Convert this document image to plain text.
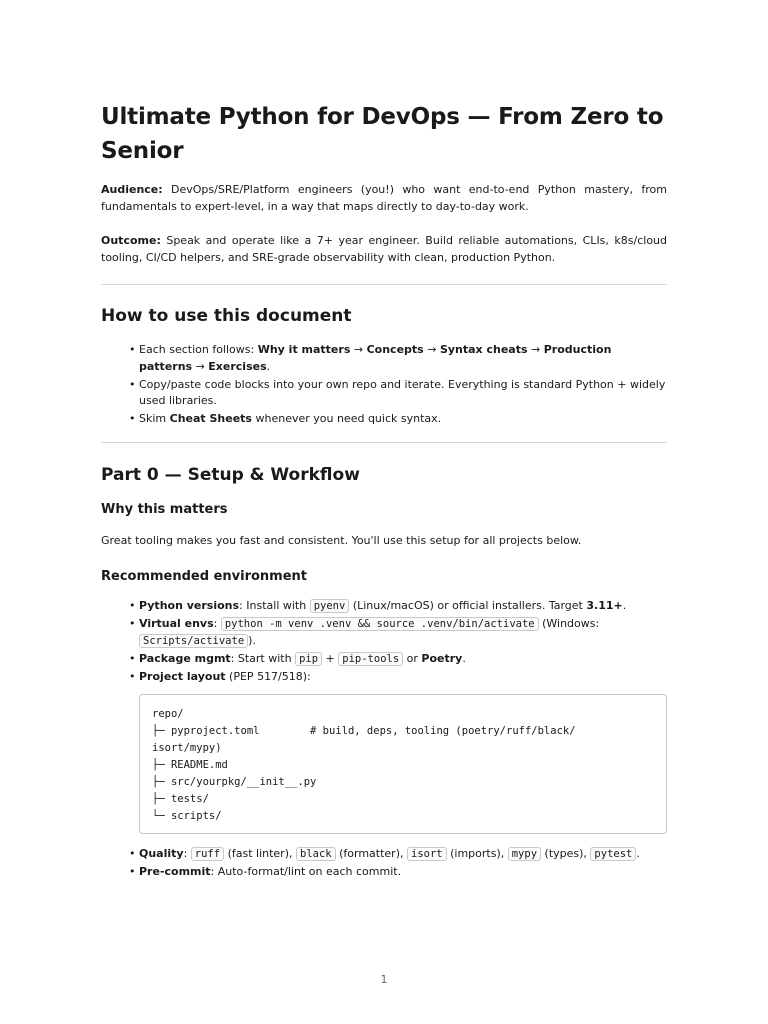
Ultimate Python for DevOps — From Zero to Senior

Audience: DevOps/SRE/Platform engineers (you!) who want end-to-end Python mastery, from fundamentals to expert-level, in a way that maps directly to day-to-day work.

Outcome: Speak and operate like a 7+ year engineer. Build reliable automations, CLIs, k8s/cloud tooling, CI/CD helpers, and SRE-grade observability with clean, production Python.

How to use this document
• Each section follows: Why it matters → Concepts → Syntax cheats → Production patterns → Exercises.
• Copy/paste code blocks into your own repo and iterate. Everything is standard Python + widely used libraries.
• Skim Cheat Sheets whenever you need quick syntax.
Part 0 — Setup & Workflow
Why this matters

Great tooling makes you fast and consistent. You'll use this setup for all projects below.

Recommended environment
• Python versions: Install with pyenv (Linux/macOS) or official installers. Target 3.11+.
• Virtual envs: python -m venv .venv && source .venv/bin/activate (Windows: Scripts/activate ).
• Package mgmt: Start with pip + pip-tools or Poetry.
• Project layout (PEP 517/518):
repo/
├─ pyproject.toml        # build, deps, tooling (poetry/ruff/black/
isort/mypy)
├─ README.md
├─ src/yourpkg/__init__.py
├─ tests/
└─ scripts/
• Quality: ruff (fast linter), black (formatter), isort (imports), mypy (types), pytest .
• Pre-commit: Auto-format/lint on each commit.
1
